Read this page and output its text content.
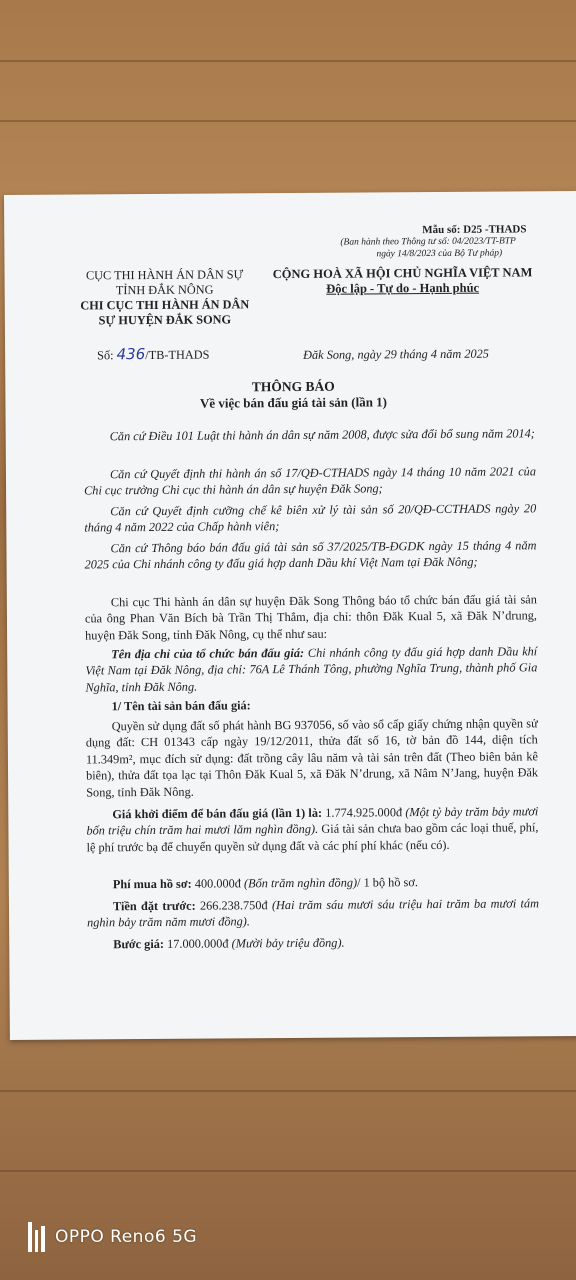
Mẫu số: D25 -THADS
(Ban hành theo Thông tư số: 04/2023/TT-BTP
ngày 14/8/2023 của Bộ Tư pháp)
CỤC THI HÀNH ÁN DÂN SỰ
TỈNH ĐẮK NÔNG
CHI CỤC THI HÀNH ÁN DÂN
SỰ HUYỆN ĐẮK SONG
CỘNG HOÀ XÃ HỘI CHỦ NGHĨA VIỆT NAM
Độc lập - Tự do - Hạnh phúc
Số: 436/TB-THADS	Đăk Song, ngày 29 tháng 4 năm 2025
THÔNG BÁO
Về việc bán đấu giá tài sản (lần 1)
Căn cứ Điều 101 Luật thi hành án dân sự năm 2008, được sửa đổi bổ sung năm 2014;
Căn cứ Quyết định thi hành án số 17/QĐ-CTHADS ngày 14 tháng 10 năm 2021 của Chi cục trưởng Chi cục thi hành án dân sự huyện Đăk Song;
Căn cứ Quyết định cưỡng chế kê biên xử lý tài sản số 20/QĐ-CCTHADS ngày 20 tháng 4 năm 2022 của Chấp hành viên;
Căn cứ Thông báo bán đấu giá tài sản số 37/2025/TB-ĐGDK ngày 15 tháng 4 năm 2025 của Chi nhánh công ty đấu giá hợp danh Dầu khí Việt Nam tại Đăk Nông;
Chi cục Thi hành án dân sự huyện Đăk Song Thông báo tổ chức bán đấu giá tài sản của ông Phan Văn Bích bà Trần Thị Thắm, địa chỉ: thôn Đăk Kual 5, xã Đăk N’drung, huyện Đăk Song, tỉnh Đăk Nông, cụ thể như sau:
Tên địa chỉ của tổ chức bán đấu giá: Chi nhánh công ty đấu giá hợp danh Dầu khí Việt Nam tại Đăk Nông, địa chỉ: 76A Lê Thánh Tông, phường Nghĩa Trung, thành phố Gia Nghĩa, tỉnh Đăk Nông.
1/ Tên tài sản bán đấu giá:
Quyền sử dụng đất số phát hành BG 937056, số vào sổ cấp giấy chứng nhận quyền sử dụng đất: CH 01343 cấp ngày 19/12/2011, thửa đất số 16, tờ bản đồ 144, diện tích 11.349m², mục đích sử dụng: đất trồng cây lâu năm và tài sản trên đất (Theo biên bản kê biên), thửa đất tọa lạc tại Thôn Đăk Kual 5, xã Đăk N’drung, xã Nâm N’Jang, huyện Đăk Song, tỉnh Đăk Nông.
Giá khởi điểm để bán đấu giá (lần 1) là: 1.774.925.000đ (Một tỷ bảy trăm bảy mươi bốn triệu chín trăm hai mươi lăm nghìn đồng). Giá tài sản chưa bao gồm các loại thuế, phí, lệ phí trước bạ để chuyển quyền sử dụng đất và các phí phí khác (nếu có).
Phí mua hồ sơ: 400.000đ (Bốn trăm nghìn đồng)/ 1 bộ hồ sơ.
Tiền đặt trước: 266.238.750đ (Hai trăm sáu mươi sáu triệu hai trăm ba mươi tám nghìn bảy trăm năm mươi đồng).
Bước giá: 17.000.000đ (Mười bảy triệu đồng).
OPPO Reno6 5G
